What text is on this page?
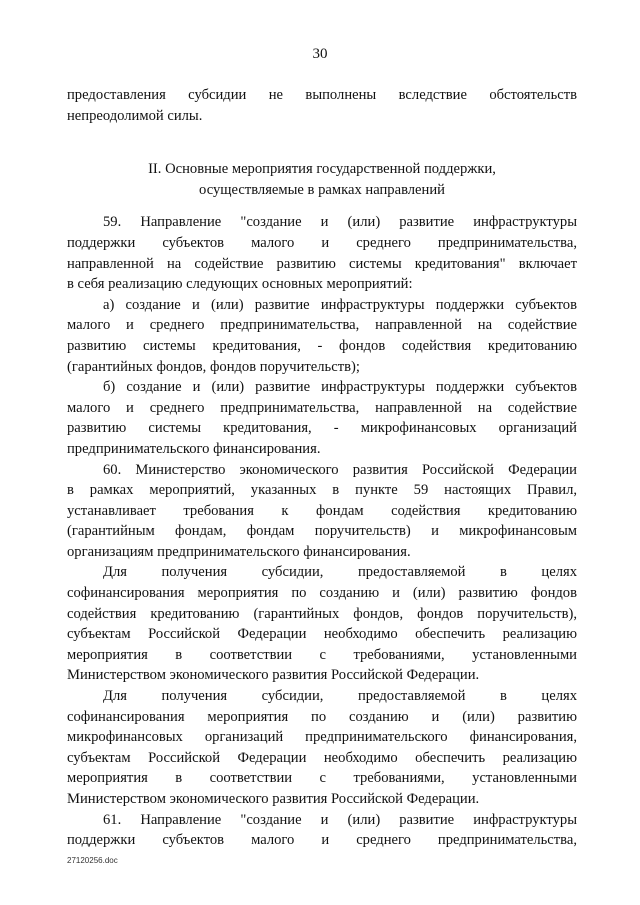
30

предоставления субсидии не выполнены вследствие обстоятельств
непреодолимой силы.

II. Основные мероприятия государственной поддержки,
осуществляемые в рамках направлений

59. Направление "создание и (или) развитие инфраструктуры
поддержки субъектов малого и среднего предпринимательства,
направленной на содействие развитию системы кредитования" включает
в себя реализацию следующих основных мероприятий:

а) создание и (или) развитие инфраструктуры поддержки субъектов
малого и среднего предпринимательства, направленной на содействие
развитию системы кредитования, - фондов содействия кредитованию
(гарантийных фондов, фондов поручительств);

б) создание и (или) развитие инфраструктуры поддержки субъектов
малого и среднего предпринимательства, направленной на содействие
развитию системы кредитования, - микрофинансовых организаций
предпринимательского финансирования.

60. Министерство экономического развития Российской Федерации
в рамках мероприятий, указанных в пункте 59 настоящих Правил,
устанавливает требования к фондам содействия кредитованию
(гарантийным фондам, фондам поручительств) и микрофинансовым
организациям предпринимательского финансирования.

Для получения субсидии, предоставляемой в целях
софинансирования мероприятия по созданию и (или) развитию фондов
содействия кредитованию (гарантийных фондов, фондов поручительств),
субъектам Российской Федерации необходимо обеспечить реализацию
мероприятия в соответствии с требованиями, установленными
Министерством экономического развития Российской Федерации.

Для получения субсидии, предоставляемой в целях
софинансирования мероприятия по созданию и (или) развитию
микрофинансовых организаций предпринимательского финансирования,
субъектам Российской Федерации необходимо обеспечить реализацию
мероприятия в соответствии с требованиями, установленными
Министерством экономического развития Российской Федерации.

61. Направление "создание и (или) развитие инфраструктуры
поддержки субъектов малого и среднего предпринимательства,

27120256.doc
